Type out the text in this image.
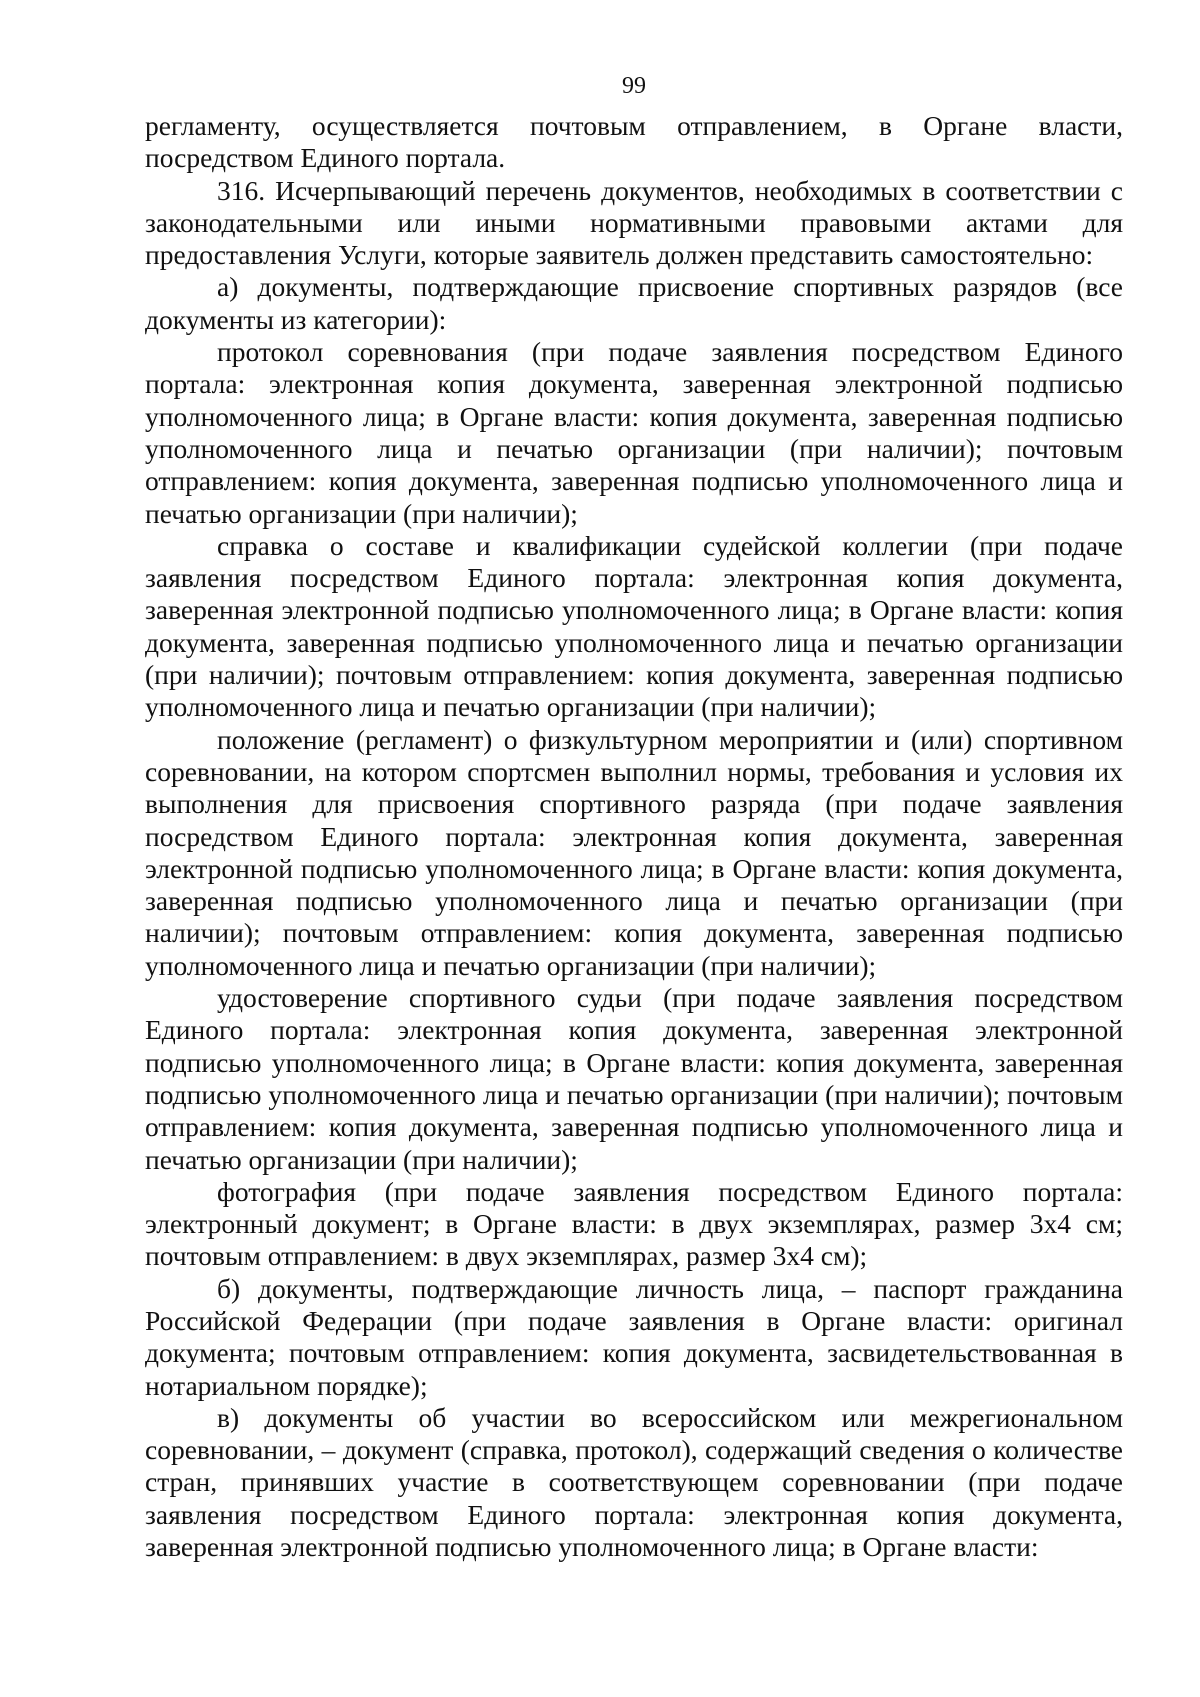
99

регламенту, осуществляется почтовым отправлением, в Органе власти, посредством Единого портала.

316. Исчерпывающий перечень документов, необходимых в соответствии с законодательными или иными нормативными правовыми актами для предоставления Услуги, которые заявитель должен представить самостоятельно:

а) документы, подтверждающие присвоение спортивных разрядов (все документы из категории):

протокол соревнования (при подаче заявления посредством Единого портала: электронная копия документа, заверенная электронной подписью уполномоченного лица; в Органе власти: копия документа, заверенная подписью уполномоченного лица и печатью организации (при наличии); почтовым отправлением: копия документа, заверенная подписью уполномоченного лица и печатью организации (при наличии);

справка о составе и квалификации судейской коллегии (при подаче заявления посредством Единого портала: электронная копия документа, заверенная электронной подписью уполномоченного лица; в Органе власти: копия документа, заверенная подписью уполномоченного лица и печатью организации (при наличии); почтовым отправлением: копия документа, заверенная подписью уполномоченного лица и печатью организации (при наличии);

положение (регламент) о физкультурном мероприятии и (или) спортивном соревновании, на котором спортсмен выполнил нормы, требования и условия их выполнения для присвоения спортивного разряда (при подаче заявления посредством Единого портала: электронная копия документа, заверенная электронной подписью уполномоченного лица; в Органе власти: копия документа, заверенная подписью уполномоченного лица и печатью организации (при наличии); почтовым отправлением: копия документа, заверенная подписью уполномоченного лица и печатью организации (при наличии);

удостоверение спортивного судьи (при подаче заявления посредством Единого портала: электронная копия документа, заверенная электронной подписью уполномоченного лица; в Органе власти: копия документа, заверенная подписью уполномоченного лица и печатью организации (при наличии); почтовым отправлением: копия документа, заверенная подписью уполномоченного лица и печатью организации (при наличии);

фотография (при подаче заявления посредством Единого портала: электронный документ; в Органе власти: в двух экземплярах, размер 3х4 см; почтовым отправлением: в двух экземплярах, размер 3х4 см);

б) документы, подтверждающие личность лица, – паспорт гражданина Российской Федерации (при подаче заявления в Органе власти: оригинал документа; почтовым отправлением: копия документа, засвидетельствованная в нотариальном порядке);

в) документы об участии во всероссийском или межрегиональном соревновании, – документ (справка, протокол), содержащий сведения о количестве стран, принявших участие в соответствующем соревновании (при подаче заявления посредством Единого портала: электронная копия документа, заверенная электронной подписью уполномоченного лица; в Органе власти:
